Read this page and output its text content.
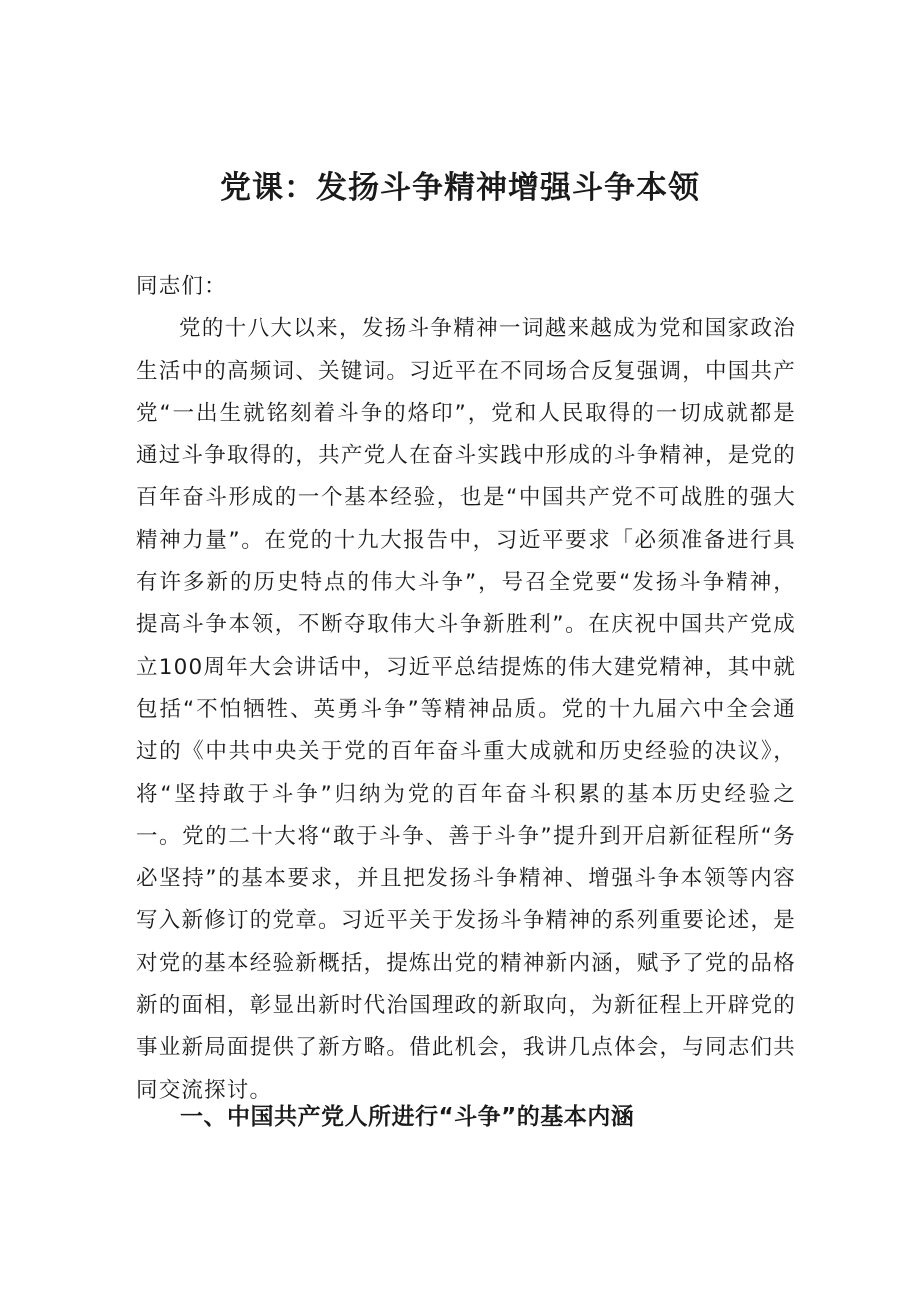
党课：发扬斗争精神增强斗争本领

同志们：

党的十八大以来，发扬斗争精神一词越来越成为党和国家政治生活中的高频词、关键词。习近平在不同场合反复强调，中国共产党“一出生就铭刻着斗争的烙印”，党和人民取得的一切成就都是通过斗争取得的，共产党人在奋斗实践中形成的斗争精神，是党的百年奋斗形成的一个基本经验，也是“中国共产党不可战胜的强大精神力量”。在党的十九大报告中，习近平要求「必须准备进行具有许多新的历史特点的伟大斗争”，号召全党要“发扬斗争精神，提高斗争本领，不断夺取伟大斗争新胜利”。在庆祝中国共产党成立100周年大会讲话中，习近平总结提炼的伟大建党精神，其中就包括“不怕牺牲、英勇斗争”等精神品质。党的十九届六中全会通过的《中共中央关于党的百年奋斗重大成就和历史经验的决议》，将“坚持敢于斗争”归纳为党的百年奋斗积累的基本历史经验之一。党的二十大将“敢于斗争、善于斗争”提升到开启新征程所“务必坚持”的基本要求，并且把发扬斗争精神、增强斗争本领等内容写入新修订的党章。习近平关于发扬斗争精神的系列重要论述，是对党的基本经验新概括，提炼出党的精神新内涵，赋予了党的品格新的面相，彰显出新时代治国理政的新取向，为新征程上开辟党的事业新局面提供了新方略。借此机会，我讲几点体会，与同志们共同交流探讨。

一、中国共产党人所进行“斗争”的基本内涵
